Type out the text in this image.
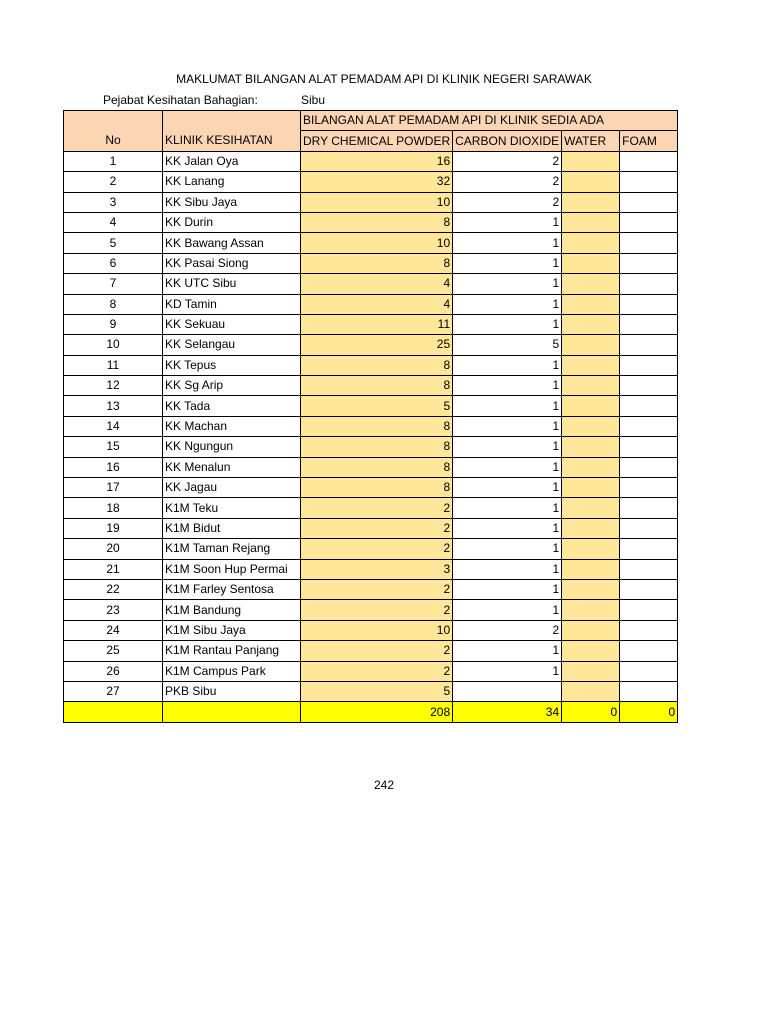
MAKLUMAT BILANGAN ALAT PEMADAM API DI KLINIK NEGERI SARAWAK
Pejabat Kesihatan Bahagian:	Sibu
		BILANGAN ALAT PEMADAM API DI KLINIK SEDIA ADA			
No	KLINIK KESIHATAN	DRY CHEMICAL POWDER	CARBON DIOXIDE	WATER	FOAM
1	KK Jalan Oya	16	2		
2	KK Lanang	32	2		
3	KK Sibu Jaya	10	2		
4	KK Durin	8	1		
5	KK Bawang Assan	10	1		
6	KK Pasai Siong	8	1		
7	KK UTC Sibu	4	1		
8	KD Tamin	4	1		
9	KK Sekuau	11	1		
10	KK Selangau	25	5		
11	KK Tepus	8	1		
12	KK Sg Arip	8	1		
13	KK Tada	5	1		
14	KK Machan	8	1		
15	KK Ngungun	8	1		
16	KK Menalun	8	1		
17	KK Jagau	8	1		
18	K1M Teku	2	1		
19	K1M Bidut	2	1		
20	K1M Taman Rejang	2	1		
21	K1M Soon Hup Permai	3	1		
22	K1M Farley Sentosa	2	1		
23	K1M Bandung	2	1		
24	K1M Sibu Jaya	10	2		
25	K1M Rantau Panjang	2	1		
26	K1M Campus Park	2	1		
27	PKB Sibu	5			
		208	34	0	0
242
